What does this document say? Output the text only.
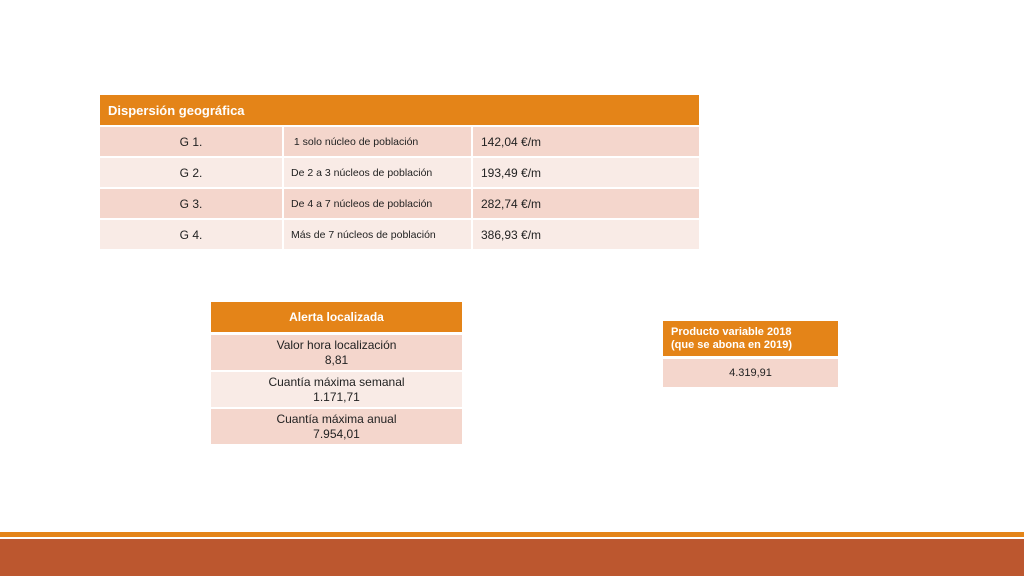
Dispersión geográfica		
G 1.	1 solo núcleo de población	142,04 €/m
G 2.	De 2 a 3 núcleos de población	193,49 €/m
G 3.	De 4 a 7 núcleos de población	282,74 €/m
G 4.	Más de 7 núcleos de población	386,93 €/m
Alerta localizada

Valor hora localización
8,81

Cuantía máxima semanal
1.171,71

Cuantía máxima anual
7.954,01
Producto variable 2018
(que se abona en 2019)

4.319,91
